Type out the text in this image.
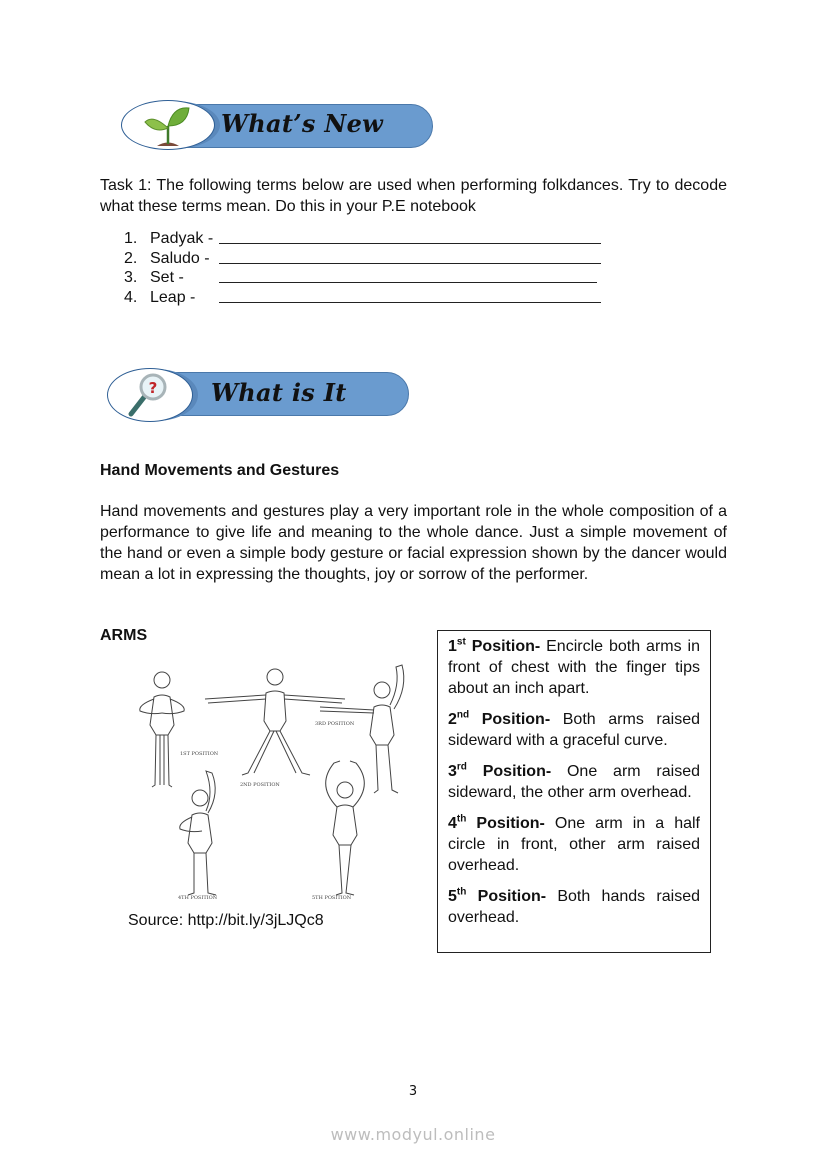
What’s New
Task 1: The following terms below are used when performing folkdances. Try to decode what these terms mean. Do this in your P.E notebook
1. Padyak -
2. Saludo -
3. Set -
4. Leap -
? What is It
Hand Movements and Gestures
Hand movements and gestures play a very important role in the whole composition of a performance to give life and meaning to the whole dance. Just a simple movement of the hand or even a simple body gesture or facial expression shown by the dancer would mean a lot in expressing the thoughts, joy or sorrow of the performer.
ARMS
2ND POSITION
3RD POSITION
1ST POSITION
4TH POSITION	5TH POSITION
Source: http://bit.ly/3jLJQc8
1st Position- Encircle both arms in front of chest with the finger tips about an inch apart.
2nd Position- Both arms raised sideward with a graceful curve.
3rd Position- One arm raised sideward, the other arm overhead.
4th Position- One arm in a half circle in front, other arm raised overhead.
5th Position- Both hands raised overhead.
3
www.modyul.online
